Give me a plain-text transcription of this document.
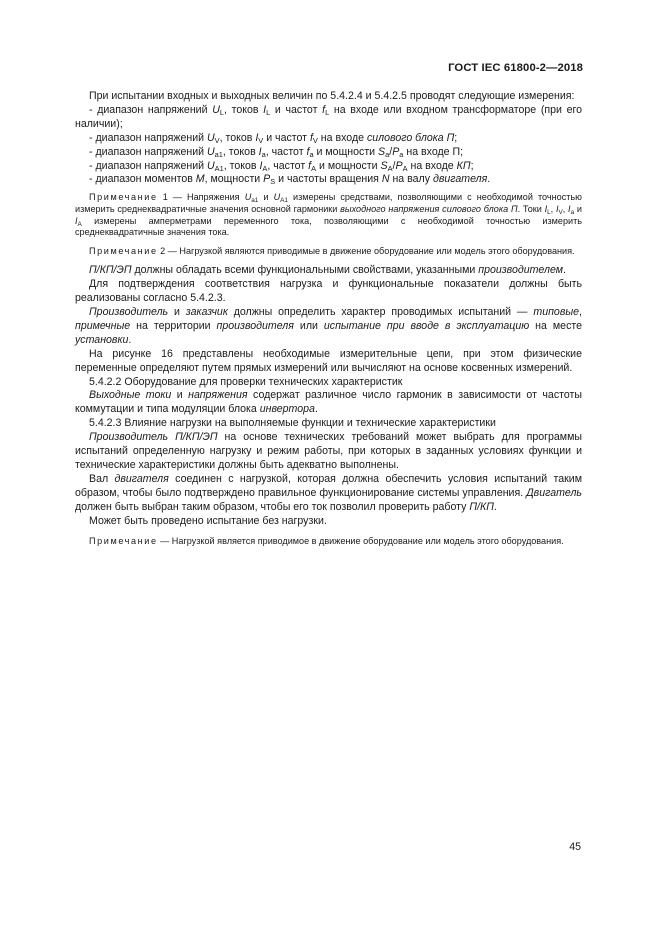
ГОСТ IEC 61800-2—2018

При испытании входных и выходных величин по 5.4.2.4 и 5.4.2.5 проводят следующие измерения:

- диапазон напряжений $U_L$, токов $I_L$ и частот $f_L$ на входе или входном трансформаторе (при его наличии);

- диапазон напряжений $U_V$, токов $I_V$ и частот $f_V$ на входе силового блока П;

- диапазон напряжений $U_{a1}$, токов $I_a$, частот $f_a$ и мощности $S_a/P_a$ на входе П;

- диапазон напряжений $U_{A1}$, токов $I_A$, частот $f_A$ и мощности $S_A/P_A$ на входе КП;

- диапазон моментов M, мощности $P_S$ и частоты вращения N на валу двигателя.

Примечание 1 — Напряжения $U_{a1}$ и $U_{A1}$ измерены средствами, позволяющими с необходимой точностью измерить среднеквадратичные значения основной гармоники выходного напряжения силового блока П. Токи $I_L$, $I_V$, $I_a$ и $I_A$ измерены амперметрами переменного тока, позволяющими с необходимой точностью измерить среднеквадратичные значения тока.

Примечание 2 — Нагрузкой являются приводимые в движение оборудование или модель этого оборудования.

П/КП/ЭП должны обладать всеми функциональными свойствами, указанными производителем.

Для подтверждения соответствия нагрузка и функциональные показатели должны быть реализованы согласно 5.4.2.3.

Производитель и заказчик должны определить характер проводимых испытаний — типовые, примечные на территории производителя или испытание при вводе в эксплуатацию на месте установки.

На рисунке 16 представлены необходимые измерительные цепи, при этом физические переменные определяют путем прямых измерений или вычисляют на основе косвенных измерений.

5.4.2.2 Оборудование для проверки технических характеристик

Выходные токи и напряжения содержат различное число гармоник в зависимости от частоты коммутации и типа модуляции блока инвертора.

5.4.2.3 Влияние нагрузки на выполняемые функции и технические характеристики

Производитель П/КП/ЭП на основе технических требований может выбрать для программы испытаний определенную нагрузку и режим работы, при которых в заданных условиях функции и технические характеристики должны быть адекватно выполнены.

Вал двигателя соединен с нагрузкой, которая должна обеспечить условия испытаний таким образом, чтобы было подтверждено правильное функционирование системы управления. Двигатель должен быть выбран таким образом, чтобы его ток позволил проверить работу П/КП.

Может быть проведено испытание без нагрузки.

Примечание — Нагрузкой является приводимое в движение оборудование или модель этого оборудования.

45
